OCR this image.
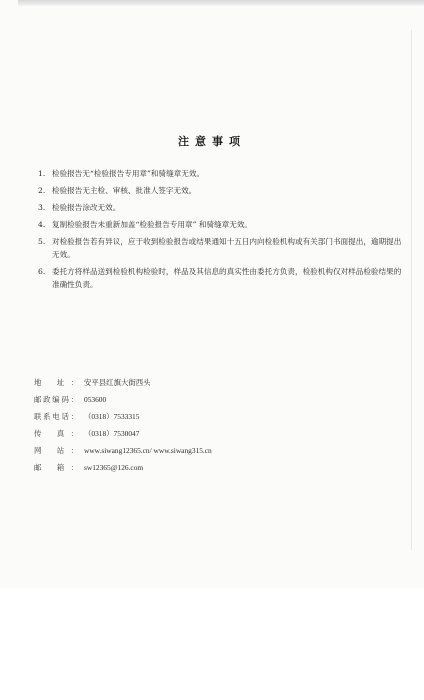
注意事项
1. 检验报告无“检验报告专用章”和骑缝章无效。
2. 检验报告无主检、审核、批准人签字无效。
3. 检验报告涂改无效。
4. 复制检验报告未重新加盖“检验报告专用章” 和骑缝章无效。
5. 对检验报告若有异议，应于收到检验报告或结果通知十五日内向检验机构或有关部门书面提出，逾期提出无效。
6. 委托方将样品送到检验机构检验时，样品及其信息的真实性由委托方负责，检验机构仅对样品检验结果的准确性负责。
地 址： 安平县红旗大街西头
邮政编码： 053600
联系电话： （0318）7533315
传 真： （0318）7530047
网 站： www.siwang12365.cn/ www.siwang315.cn
邮 箱： sw12365@126.com
